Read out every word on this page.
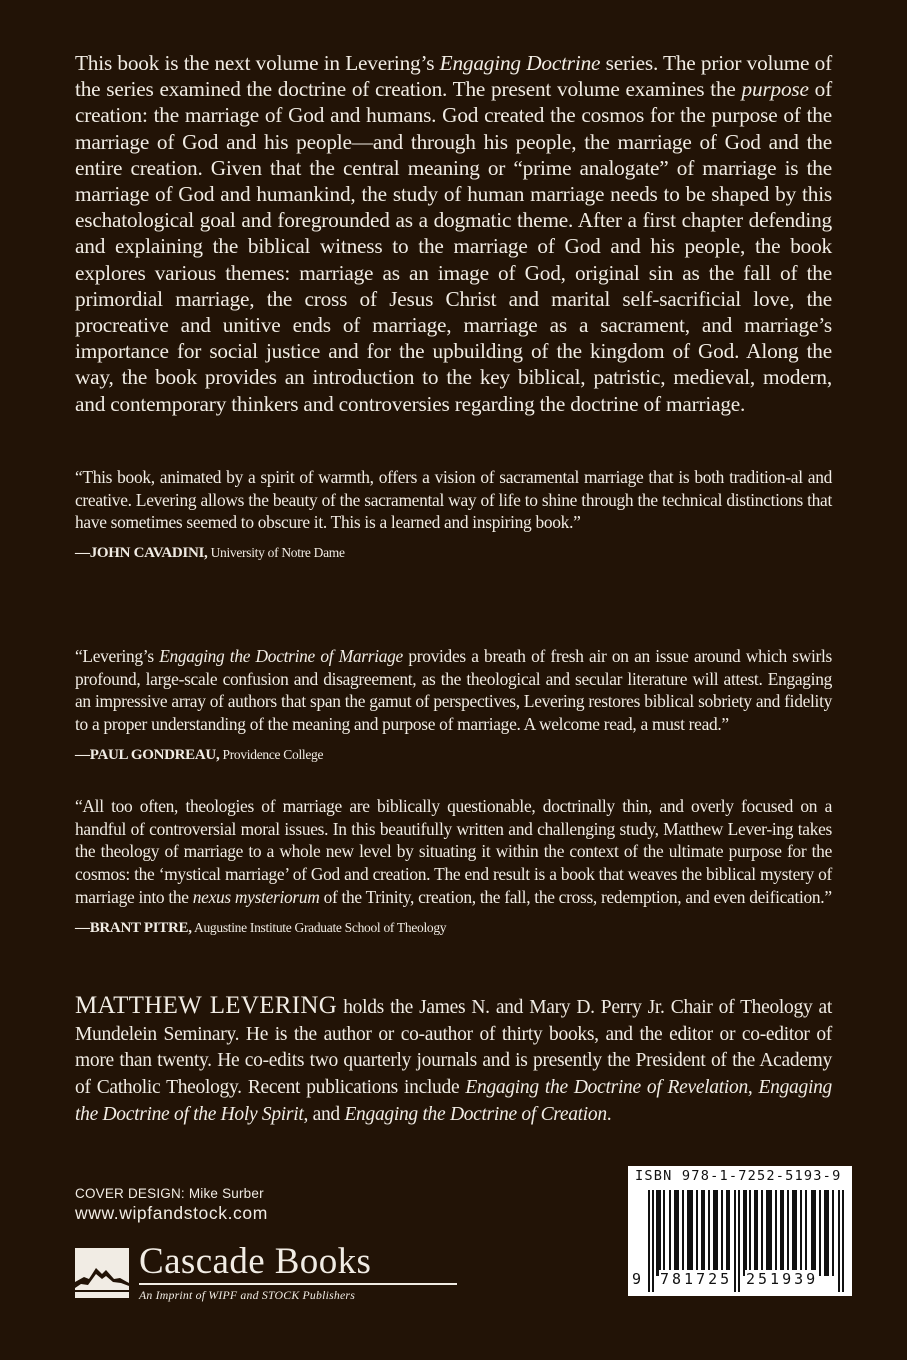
This book is the next volume in Levering’s Engaging Doctrine series. The prior volume of the series examined the doctrine of creation. The present volume examines the purpose of creation: the marriage of God and humans. God created the cosmos for the purpose of the marriage of God and his people—and through his people, the marriage of God and the entire creation. Given that the central meaning or “prime analogate” of marriage is the marriage of God and humankind, the study of human marriage needs to be shaped by this eschatological goal and foregrounded as a dogmatic theme. After a first chapter defending and explaining the biblical witness to the marriage of God and his people, the book explores various themes: marriage as an image of God, original sin as the fall of the primordial marriage, the cross of Jesus Christ and marital self-sacrificial love, the procreative and unitive ends of marriage, marriage as a sacrament, and marriage’s importance for social justice and for the upbuilding of the kingdom of God. Along the way, the book provides an introduction to the key biblical, patristic, medieval, modern, and contemporary thinkers and controversies regarding the doctrine of marriage.

“This book, animated by a spirit of warmth, offers a vision of sacramental marriage that is both tradition-al and creative. Levering allows the beauty of the sacramental way of life to shine through the technical distinctions that have sometimes seemed to obscure it. This is a learned and inspiring book.”

—JOHN CAVADINI, University of Notre Dame

“Levering’s Engaging the Doctrine of Marriage provides a breath of fresh air on an issue around which swirls profound, large-scale confusion and disagreement, as the theological and secular literature will attest. Engaging an impressive array of authors that span the gamut of perspectives, Levering restores biblical sobriety and fidelity to a proper understanding of the meaning and purpose of marriage. A welcome read, a must read.”

—PAUL GONDREAU, Providence College

“All too often, theologies of marriage are biblically questionable, doctrinally thin, and overly focused on a handful of controversial moral issues. In this beautifully written and challenging study, Matthew Lever-ing takes the theology of marriage to a whole new level by situating it within the context of the ultimate purpose for the cosmos: the ‘mystical marriage’ of God and creation. The end result is a book that weaves the biblical mystery of marriage into the nexus mysteriorum of the Trinity, creation, the fall, the cross, redemption, and even deification.”

—BRANT PITRE, Augustine Institute Graduate School of Theology

MATTHEW LEVERING holds the James N. and Mary D. Perry Jr. Chair of Theology at Mundelein Seminary. He is the author or co-author of thirty books, and the editor or co-editor of more than twenty. He co-edits two quarterly journals and is presently the President of the Academy of Catholic Theology. Recent publications include Engaging the Doctrine of Revelation, Engaging the Doctrine of the Holy Spirit, and Engaging the Doctrine of Creation.

COVER DESIGN: Mike Surber
www.wipfandstock.com
Cascade Books
An Imprint of WIPF and STOCK Publishers
ISBN 978-1-7252-5193-9
9 781725 251939
